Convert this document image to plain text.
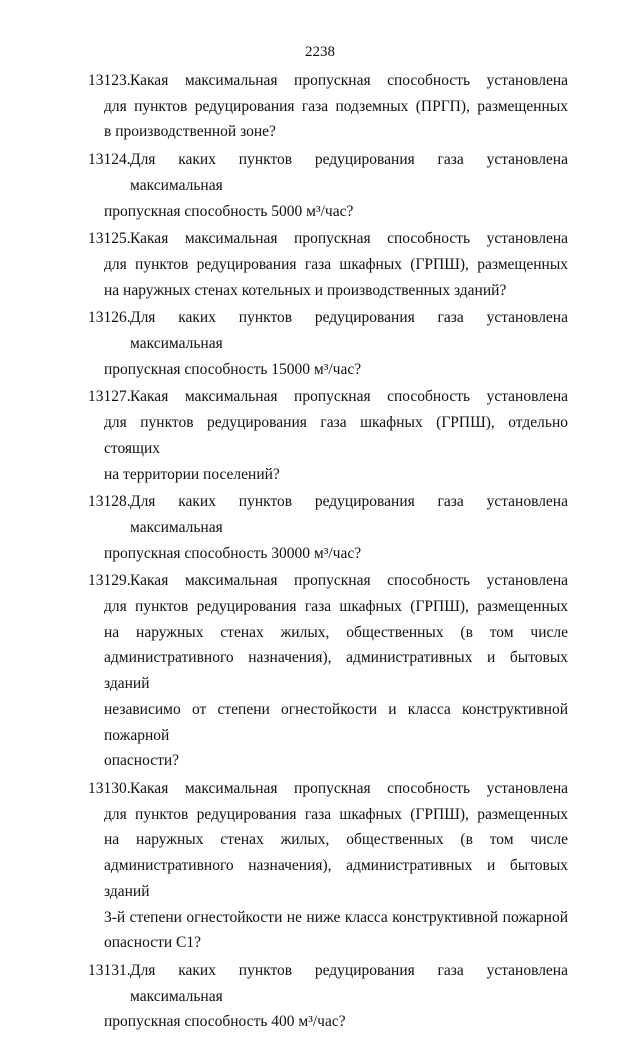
2238
13123. Какая максимальная пропускная способность установлена
для пунктов редуцирования газа подземных (ПРГП), размещенных
в производственной зоне?
13124. Для каких пунктов редуцирования газа установлена максимальная
пропускная способность 5000 м³/час?
13125. Какая максимальная пропускная способность установлена
для пунктов редуцирования газа шкафных (ГРПШ), размещенных
на наружных стенах котельных и производственных зданий?
13126. Для каких пунктов редуцирования газа установлена максимальная
пропускная способность 15000 м³/час?
13127. Какая максимальная пропускная способность установлена
для пунктов редуцирования газа шкафных (ГРПШ), отдельно стоящих
на территории поселений?
13128. Для каких пунктов редуцирования газа установлена максимальная
пропускная способность 30000 м³/час?
13129. Какая максимальная пропускная способность установлена
для пунктов редуцирования газа шкафных (ГРПШ), размещенных
на наружных стенах жилых, общественных (в том числе
административного назначения), административных и бытовых зданий
независимо от степени огнестойкости и класса конструктивной пожарной
опасности?
13130. Какая максимальная пропускная способность установлена
для пунктов редуцирования газа шкафных (ГРПШ), размещенных
на наружных стенах жилых, общественных (в том числе
административного назначения), административных и бытовых зданий
3-й степени огнестойкости не ниже класса конструктивной пожарной
опасности С1?
13131. Для каких пунктов редуцирования газа установлена максимальная
пропускная способность 400 м³/час?
